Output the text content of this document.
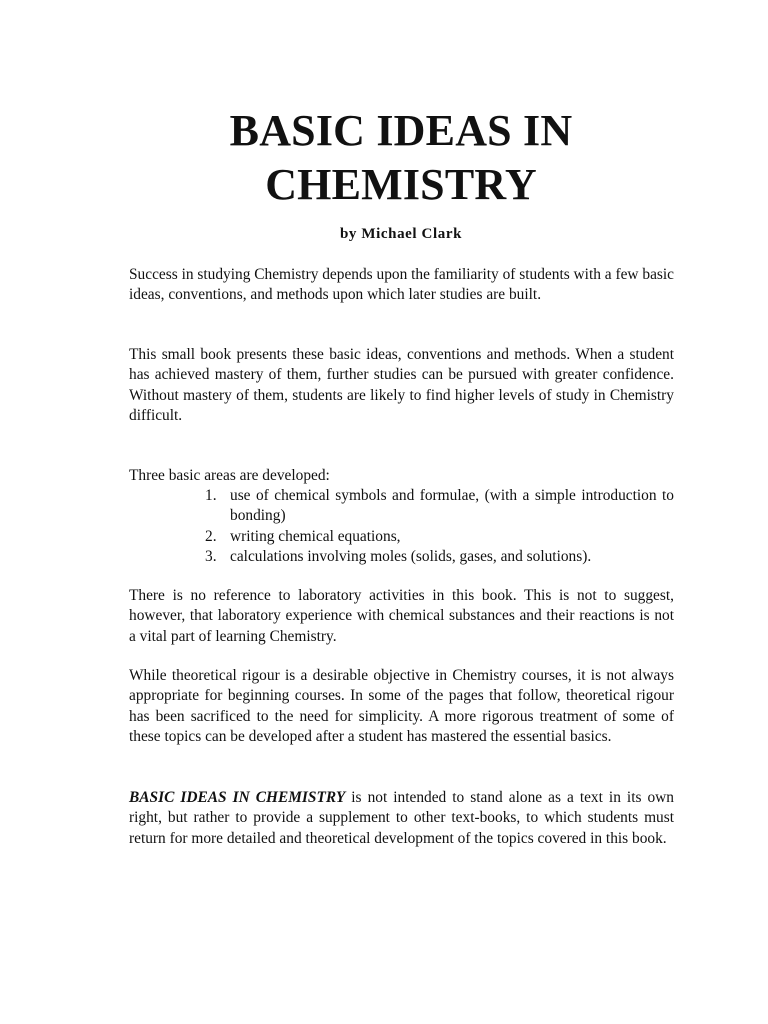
BASIC IDEAS IN
CHEMISTRY

by Michael Clark

Success in studying Chemistry depends upon the familiarity of students with a few basic ideas, conventions, and methods upon which later studies are built.

This small book presents these basic ideas, conventions and methods. When a student has achieved mastery of them, further studies can be pursued with greater confidence. Without mastery of them, students are likely to find higher levels of study in Chemistry difficult.

Three basic areas are developed:

1. use of chemical symbols and formulae, (with a simple introduction to bonding)
2. writing chemical equations,
3. calculations involving moles (solids, gases, and solutions).

There is no reference to laboratory activities in this book. This is not to suggest, however, that laboratory experience with chemical substances and their reactions is not a vital part of learning Chemistry.

While theoretical rigour is a desirable objective in Chemistry courses, it is not always appropriate for beginning courses. In some of the pages that follow, theoretical rigour has been sacrificed to the need for simplicity. A more rigorous treatment of some of these topics can be developed after a student has mastered the essential basics.

BASIC IDEAS IN CHEMISTRY is not intended to stand alone as a text in its own right, but rather to provide a supplement to other text-books, to which students must return for more detailed and theoretical development of the topics covered in this book.
